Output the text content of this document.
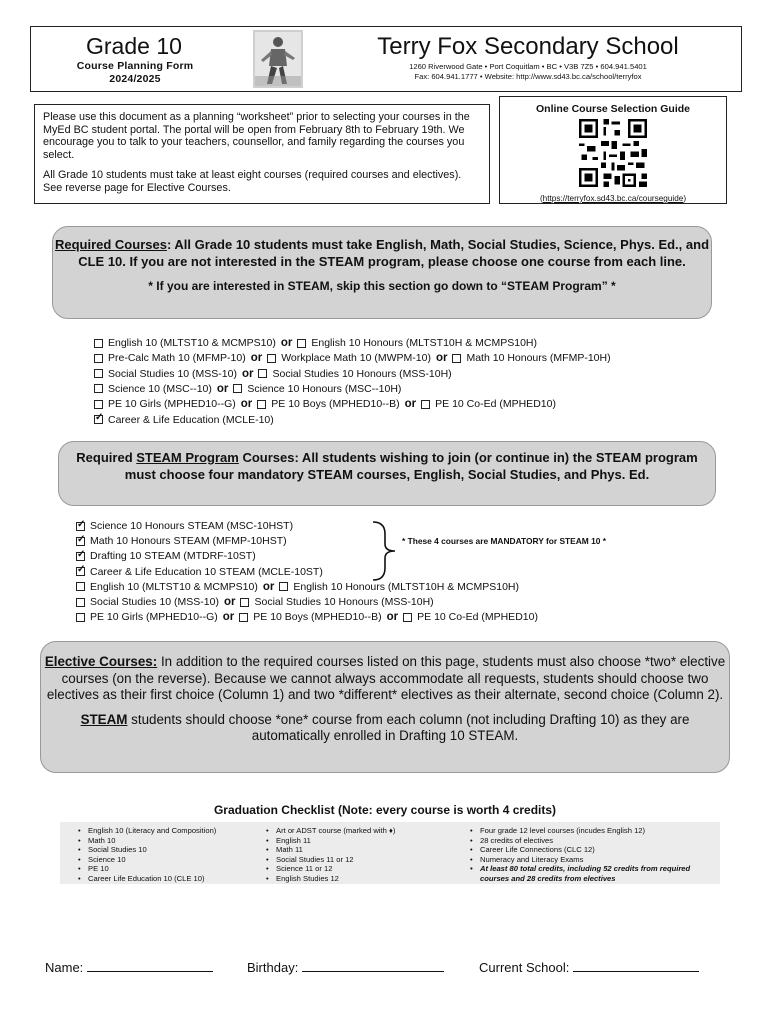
Grade 10
Course Planning Form
2024/2025
Terry Fox Secondary School
1260 Riverwood Gate • Port Coquitlam • BC • V3B 7Z5 • 604.941.5401
Fax: 604.941.1777 • Website: http://www.sd43.bc.ca/school/terryfox

Please use this document as a planning “worksheet” prior to selecting your courses in the MyEd BC student portal. The portal will be open from February 8th to February 19th. We encourage you to talk to your teachers, counsellor, and family regarding the courses you select.

All Grade 10 students must take at least eight courses (required courses and electives). See reverse page for Elective Courses.

Online Course Selection Guide
(https://terryfox.sd43.bc.ca/courseguide)
Required Courses: All Grade 10 students must take English, Math, Social Studies, Science, Phys. Ed., and CLE 10. If you are not interested in the STEAM program, please choose one course from each line.
* If you are interested in STEAM, skip this section go down to “STEAM Program” *
English 10 (MLTST10 & MCMPS10) or English 10 Honours (MLTST10H & MCMPS10H)
Pre-Calc Math 10 (MFMP-10) or Workplace Math 10 (MWPM-10) or Math 10 Honours (MFMP-10H)
Social Studies 10 (MSS-10) or Social Studies 10 Honours (MSS-10H)
Science 10 (MSC--10) or Science 10 Honours (MSC--10H)
PE 10 Girls (MPHED10--G) or PE 10 Boys (MPHED10--B) or PE 10 Co-Ed (MPHED10)
✓
Career & Life Education (MCLE-10)
Required STEAM Program Courses: All students wishing to join (or continue in) the STEAM program must choose four mandatory STEAM courses, English, Social Studies, and Phys. Ed.
✓
Science 10 Honours STEAM (MSC-10HST)
✓
Math 10 Honours STEAM (MFMP-10HST)
✓
Drafting 10 STEAM (MTDRF-10ST)
✓
Career & Life Education 10 STEAM (MCLE-10ST)
English 10 (MLTST10 & MCMPS10) or English 10 Honours (MLTST10H & MCMPS10H)
Social Studies 10 (MSS-10) or Social Studies 10 Honours (MSS-10H)
PE 10 Girls (MPHED10--G) or PE 10 Boys (MPHED10--B) or PE 10 Co-Ed (MPHED10)
* These 4 courses are MANDATORY for STEAM 10 *

Elective Courses: In addition to the required courses listed on this page, students must also choose *two* elective courses (on the reverse). Because we cannot always accommodate all requests, students should choose two electives as their first choice (Column 1) and two *different* electives as their alternate, second choice (Column 2).

STEAM students should choose *one* course from each column (not including Drafting 10) as they are automatically enrolled in Drafting 10 STEAM.

Graduation Checklist (Note: every course is worth 4 credits)
• English 10 (Literacy and Composition)
• Math 10
• Social Studies 10
• Science 10
• PE 10
• Career Life Education 10 (CLE 10)
• Art or ADST course (marked with ♦)
• English 11
• Math 11
• Social Studies 11 or 12
• Science 11 or 12
• English Studies 12
• Four grade 12 level courses (incudes English 12)
• 28 credits of electives
• Career Life Connections (CLC 12)
• Numeracy and Literacy Exams
• At least 80 total credits, including 52 credits from required courses and 28 credits from electives
Name:	Birthday:	Current School:
